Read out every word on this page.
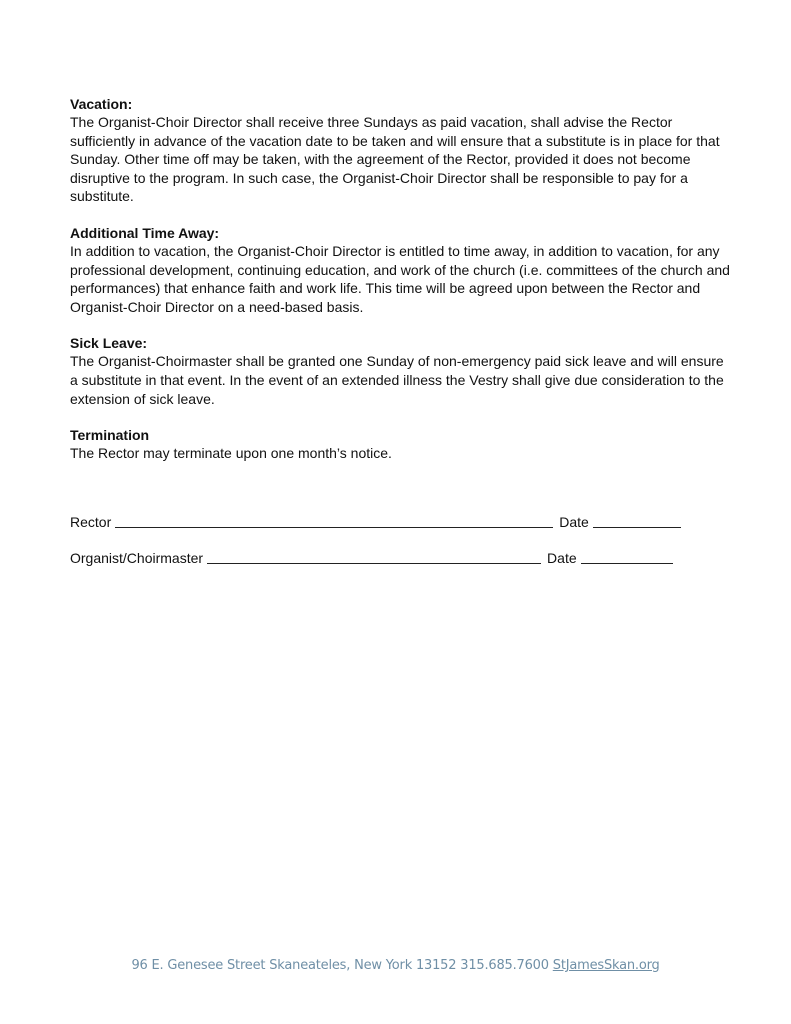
Vacation:

The Organist-Choir Director shall receive three Sundays as paid vacation, shall advise the Rector sufficiently in advance of the vacation date to be taken and will ensure that a substitute is in place for that Sunday. Other time off may be taken, with the agreement of the Rector, provided it does not become disruptive to the program. In such case, the Organist-Choir Director shall be responsible to pay for a substitute.

Additional Time Away:

In addition to vacation, the Organist-Choir Director is entitled to time away, in addition to vacation, for any professional development, continuing education, and work of the church (i.e. committees of the church and performances) that enhance faith and work life. This time will be agreed upon between the Rector and Organist-Choir Director on a need-based basis.

Sick Leave:

The Organist-Choirmaster shall be granted one Sunday of non-emergency paid sick leave and will ensure a substitute in that event. In the event of an extended illness the Vestry shall give due consideration to the extension of sick leave.

Termination

The Rector may terminate upon one month’s notice.

Rector	Date
Organist/Choirmaster	Date
96 E. Genesee Street Skaneateles, New York 13152 315.685.7600 StJamesSkan.org
